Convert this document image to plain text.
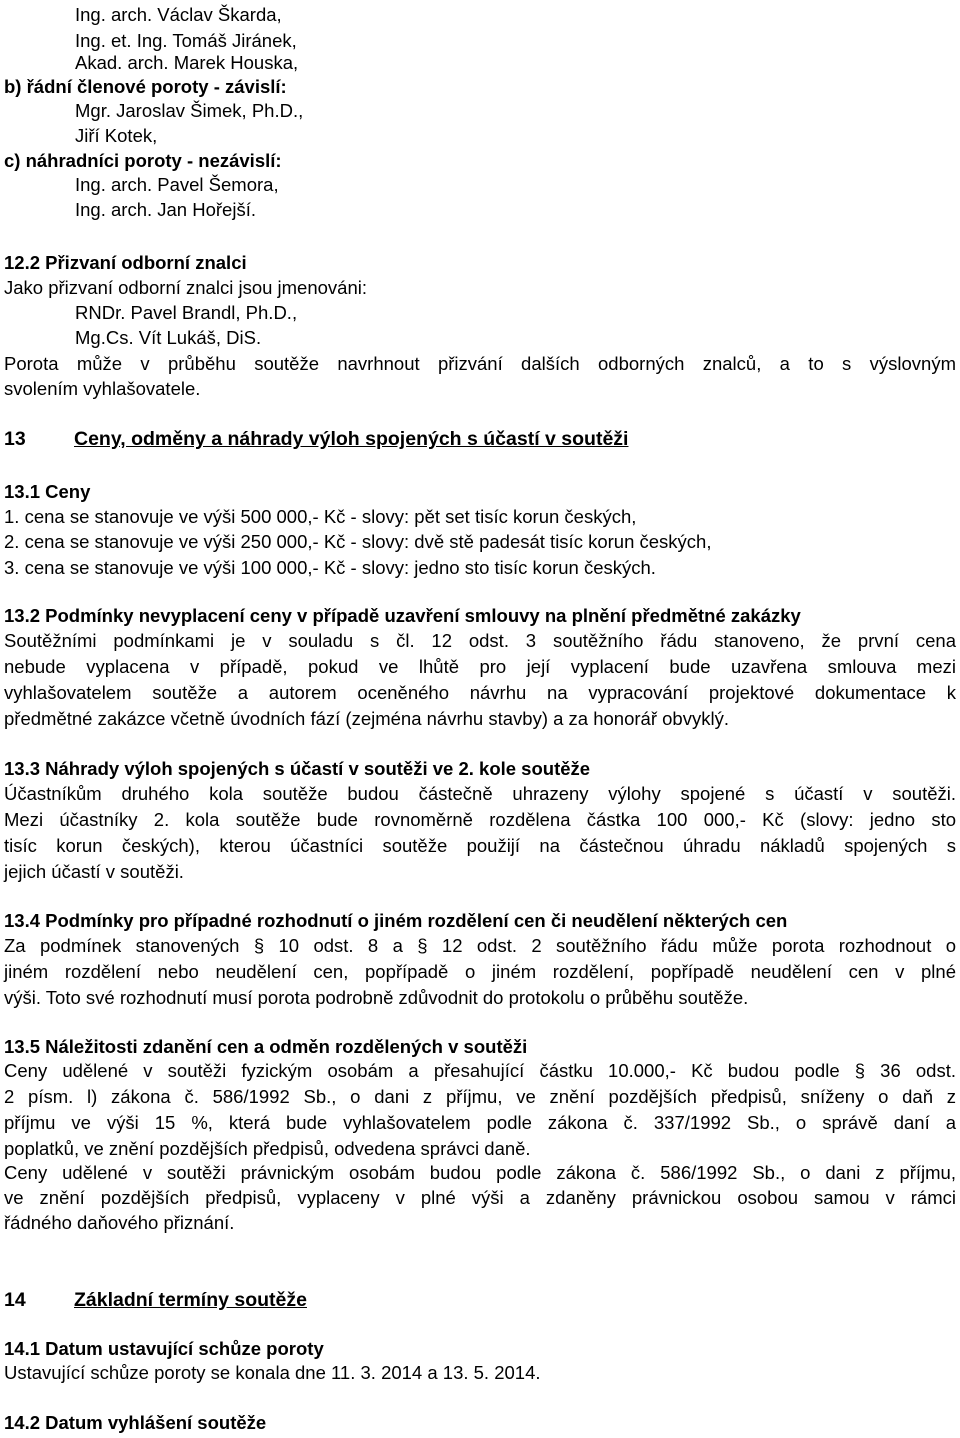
Ing. arch. Václav Škarda,
Ing. et. Ing. Tomáš Jiránek,
Akad. arch. Marek Houska,
b) řádní členové poroty - závislí:
Mgr. Jaroslav Šimek, Ph.D.,
Jiří Kotek,
c) náhradníci poroty - nezávislí:
Ing. arch. Pavel Šemora,
Ing. arch. Jan Hořejší.
12.2 Přizvaní odborní znalci
Jako přizvaní odborní znalci jsou jmenováni:
RNDr. Pavel Brandl, Ph.D.,
Mg.Cs. Vít Lukáš, DiS.
Porota může v průběhu soutěže navrhnout přizvání dalších odborných znalců, a to s výslovným
svolením vyhlašovatele.
13 Ceny, odměny a náhrady výloh spojených s účastí v soutěži
13.1 Ceny
1. cena se stanovuje ve výši 500 000,- Kč - slovy: pět set tisíc korun českých,
2. cena se stanovuje ve výši 250 000,- Kč - slovy: dvě stě padesát tisíc korun českých,
3. cena se stanovuje ve výši 100 000,- Kč - slovy: jedno sto tisíc korun českých.
13.2 Podmínky nevyplacení ceny v případě uzavření smlouvy na plnění předmětné zakázky
Soutěžními podmínkami je v souladu s čl. 12 odst. 3 soutěžního řádu stanoveno, že první cena
nebude vyplacena v případě, pokud ve lhůtě pro její vyplacení bude uzavřena smlouva mezi
vyhlašovatelem soutěže a autorem oceněného návrhu na vypracování projektové dokumentace k
předmětné zakázce včetně úvodních fází (zejména návrhu stavby) a za honorář obvyklý.
13.3 Náhrady výloh spojených s účastí v soutěži ve 2. kole soutěže
Účastníkům druhého kola soutěže budou částečně uhrazeny výlohy spojené s účastí v soutěži.
Mezi účastníky 2. kola soutěže bude rovnoměrně rozdělena částka 100 000,- Kč (slovy: jedno sto
tisíc korun českých), kterou účastníci soutěže použijí na částečnou úhradu nákladů spojených s
jejich účastí v soutěži.
13.4 Podmínky pro případné rozhodnutí o jiném rozdělení cen či neudělení některých cen
Za podmínek stanovených § 10 odst. 8 a § 12 odst. 2 soutěžního řádu může porota rozhodnout o
jiném rozdělení nebo neudělení cen, popřípadě o jiném rozdělení, popřípadě neudělení cen v plné
výši. Toto své rozhodnutí musí porota podrobně zdůvodnit do protokolu o průběhu soutěže.
13.5 Náležitosti zdanění cen a odměn rozdělených v soutěži
Ceny udělené v soutěži fyzickým osobám a přesahující částku 10.000,- Kč budou podle § 36 odst.
2 písm. l) zákona č. 586/1992 Sb., o dani z příjmu, ve znění pozdějších předpisů, sníženy o daň z
příjmu ve výši 15 %, která bude vyhlašovatelem podle zákona č. 337/1992 Sb., o správě daní a
poplatků, ve znění pozdějších předpisů, odvedena správci daně.
Ceny udělené v soutěži právnickým osobám budou podle zákona č. 586/1992 Sb., o dani z příjmu,
ve znění pozdějších předpisů, vyplaceny v plné výši a zdaněny právnickou osobou samou v rámci
řádného daňového přiznání.
14 Základní termíny soutěže
14.1 Datum ustavující schůze poroty
Ustavující schůze poroty se konala dne 11. 3. 2014 a 13. 5. 2014.
14.2 Datum vyhlášení soutěže
